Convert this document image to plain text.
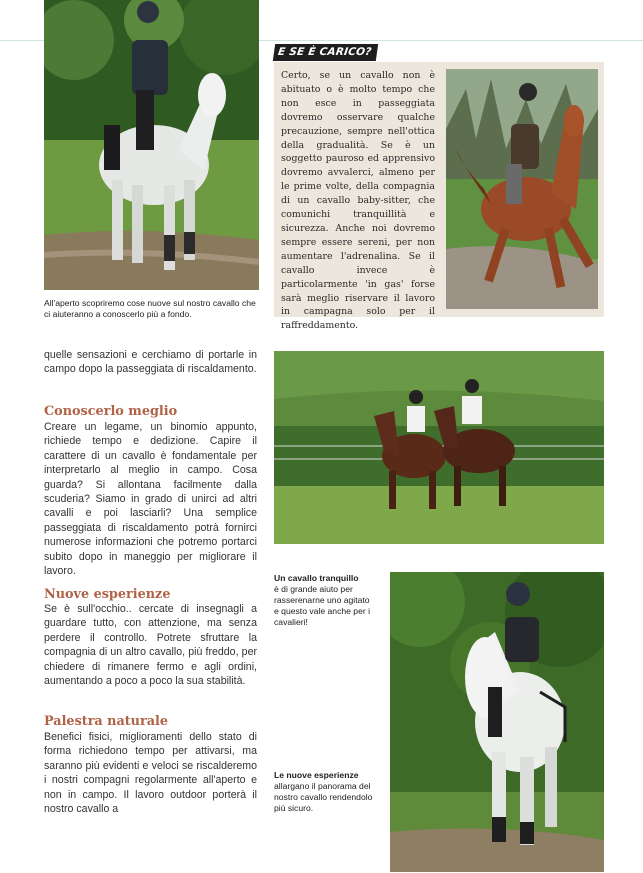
All'aperto scopriremo cose nuove sul nostro cavallo che ci aiuteranno a conoscerlo più a fondo.
E SE È CARICO?
Certo, se un cavallo non è abituato o è molto tempo che non esce in passeggiata dovremo osservare qualche precauzione, sempre nell'ottica della gradualità. Se è un soggetto pauroso ed apprensivo dovremo avvalerci, almeno per le prime volte, della compagnia di un cavallo baby-sitter, che comunichi tranquillità e sicurezza. Anche noi dovremo sempre essere sereni, per non aumentare l'adrenalina. Se il cavallo invece è particolarmente 'in gas' forse sarà meglio riservare il lavoro in campagna solo per il raffreddamento.
quelle sensazioni e cerchiamo di portarle in campo dopo la passeggiata di riscaldamento.
Conoscerlo meglio
Creare un legame, un binomio appunto, richiede tempo e dedizione. Capire il carattere di un cavallo è fondamentale per interpretarlo al meglio in campo. Cosa guarda? Si allontana facilmente dalla scuderia? Siamo in grado di unirci ad altri cavalli e poi lasciarli? Una semplice passeggiata di riscaldamento potrà fornirci numerose informazioni che potremo portarci subito dopo in maneggio per migliorare il lavoro.
Nuove esperienze
Se è sull'occhio.. cercate di insegnagli a guardare tutto, con attenzione, ma senza perdere il controllo. Potrete sfruttare la compagnia di un altro cavallo, più freddo, per chiedere di rimanere fermo e agli ordini, aumentando a poco a poco la sua stabilità.
Palestra naturale
Benefici fisici, miglioramenti dello stato di forma richiedono tempo per attivarsi, ma saranno più evidenti e veloci se riscalderemo i nostri compagni regolarmente all'aperto e non in campo. Il lavoro outdoor porterà il nostro cavallo a
Un cavallo tranquillo
è di grande aiuto per rasserenarne uno agitato e questo vale anche per i cavalieri!
Le nuove esperienze
allargano il panorama del nostro cavallo rendendolo più sicuro.
